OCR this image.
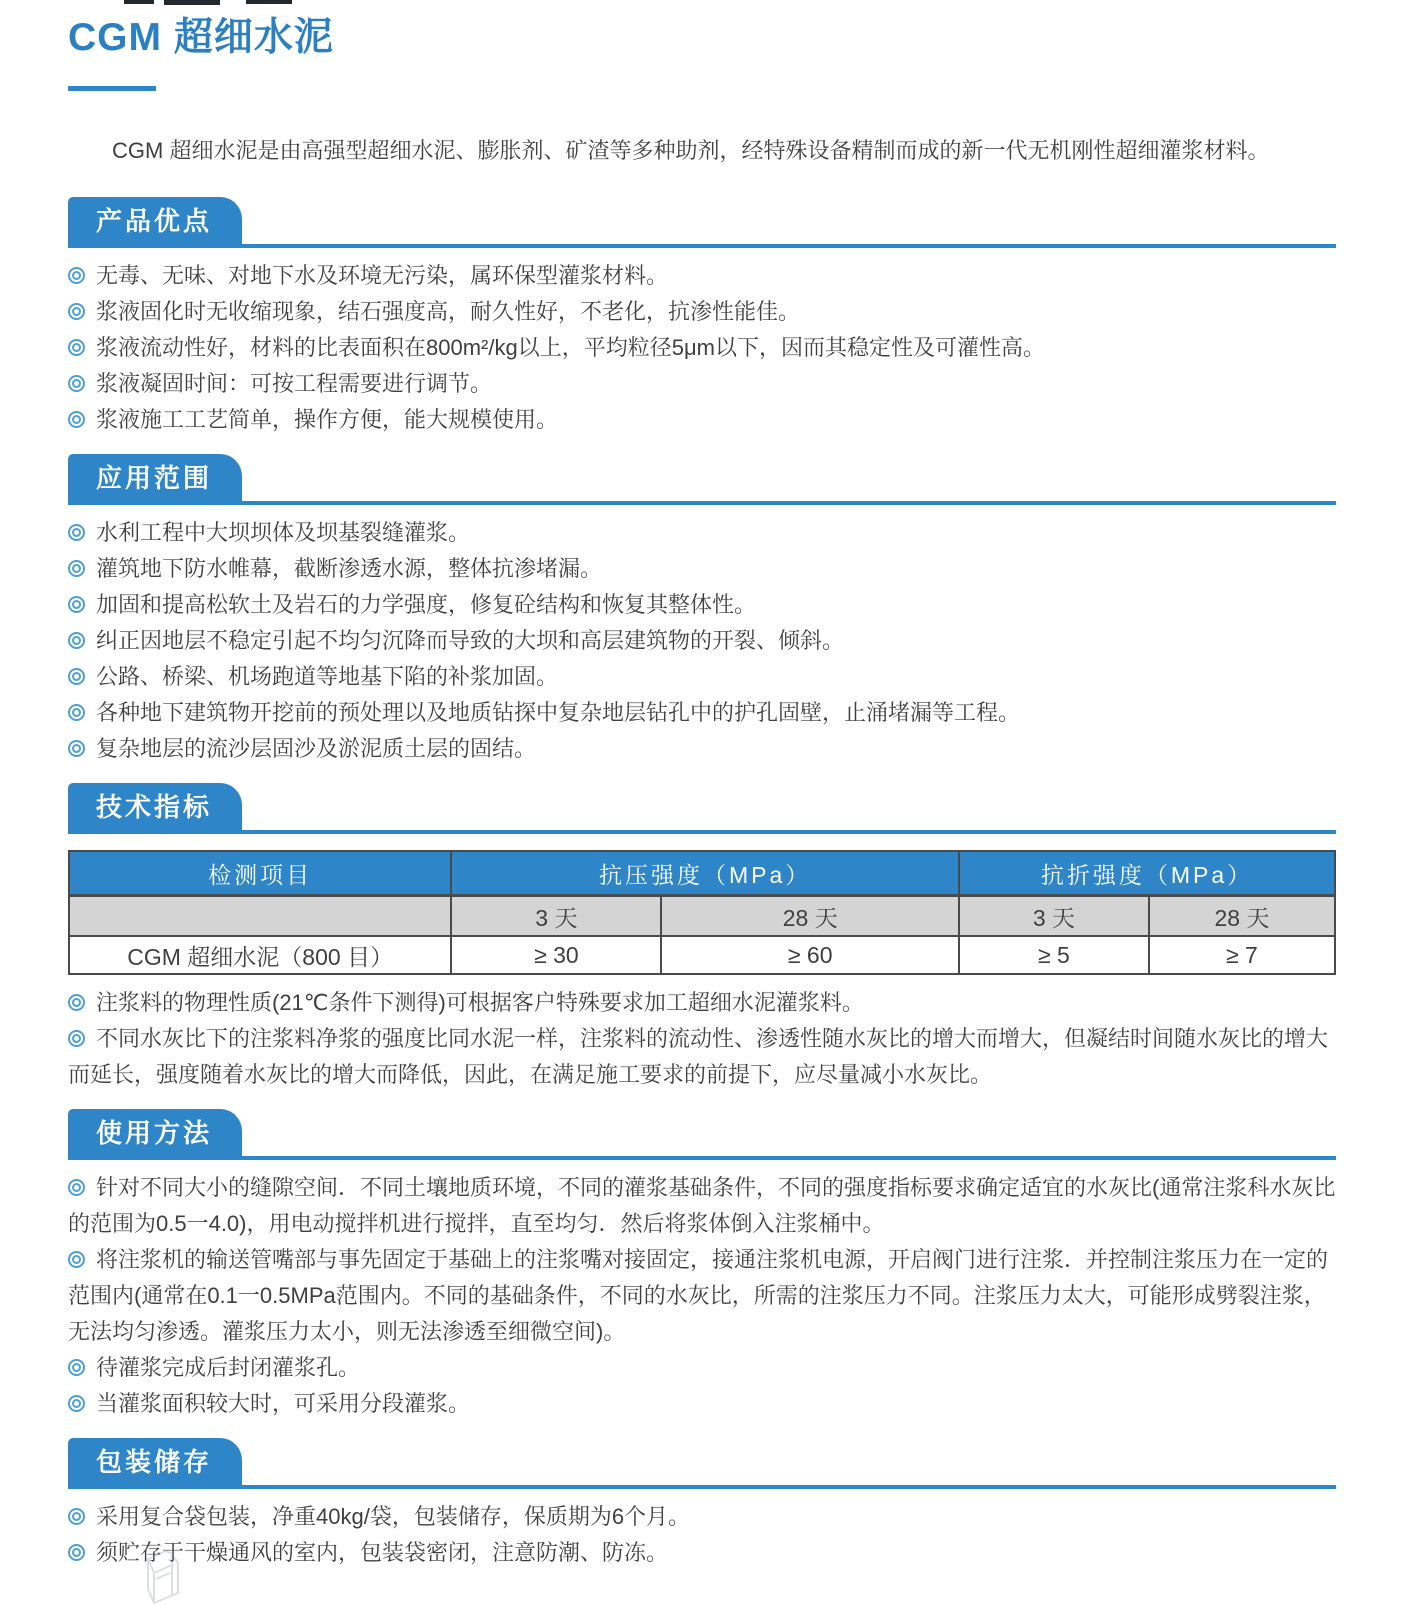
CGM 超细水泥

CGM 超细水泥是由高强型超细水泥、膨胀剂、矿渣等多种助剂，经特殊设备精制而成的新一代无机刚性超细灌浆材料。

产品优点
无毒、无味、对地下水及环境无污染，属环保型灌浆材料。
浆液固化时无收缩现象，结石强度高，耐久性好，不老化，抗渗性能佳。
浆液流动性好，材料的比表面积在800m²/kg以上，平均粒径5μm以下，因而其稳定性及可灌性高。
浆液凝固时间：可按工程需要进行调节。
浆液施工工艺简单，操作方便，能大规模使用。
应用范围
水利工程中大坝坝体及坝基裂缝灌浆。
灌筑地下防水帷幕，截断渗透水源，整体抗渗堵漏。
加固和提高松软土及岩石的力学强度，修复砼结构和恢复其整体性。
纠正因地层不稳定引起不均匀沉降而导致的大坝和高层建筑物的开裂、倾斜。
公路、桥梁、机场跑道等地基下陷的补浆加固。
各种地下建筑物开挖前的预处理以及地质钻探中复杂地层钻孔中的护孔固壁，止涌堵漏等工程。
复杂地层的流沙层固沙及淤泥质土层的固结。
技术指标
检测项目	抗压强度（MPa）		抗折强度（MPa）	
	3 天	28 天	3 天	28 天
CGM 超细水泥（800 目）	≥ 30	≥ 60	≥ 5	≥ 7
注浆料的物理性质(21℃条件下测得)可根据客户特殊要求加工超细水泥灌浆料。
不同水灰比下的注浆料净浆的强度比同水泥一样，注浆料的流动性、渗透性随水灰比的增大而增大，但凝结时间随水灰比的增大而延长，强度随着水灰比的增大而降低，因此，在满足施工要求的前提下，应尽量减小水灰比。
使用方法
针对不同大小的缝隙空间．不同土壤地质环境，不同的灌浆基础条件，不同的强度指标要求确定适宜的水灰比(通常注浆科水灰比的范围为0.5一4.0)，用电动搅拌机进行搅拌，直至均匀．然后将浆体倒入注浆桶中。
将注浆机的输送管嘴部与事先固定于基础上的注浆嘴对接固定，接通注浆机电源，开启阀门进行注浆．并控制注浆压力在一定的范围内(通常在0.1一0.5MPa范围内。不同的基础条件，不同的水灰比，所需的注浆压力不同。注浆压力太大，可能形成劈裂注浆，无法均匀渗透。灌浆压力太小，则无法渗透至细微空间)。
待灌浆完成后封闭灌浆孔。
当灌浆面积较大时，可采用分段灌浆。
包装储存
采用复合袋包装，净重40kg/袋，包装储存，保质期为6个月。
须贮存于干燥通风的室内，包装袋密闭，注意防潮、防冻。
